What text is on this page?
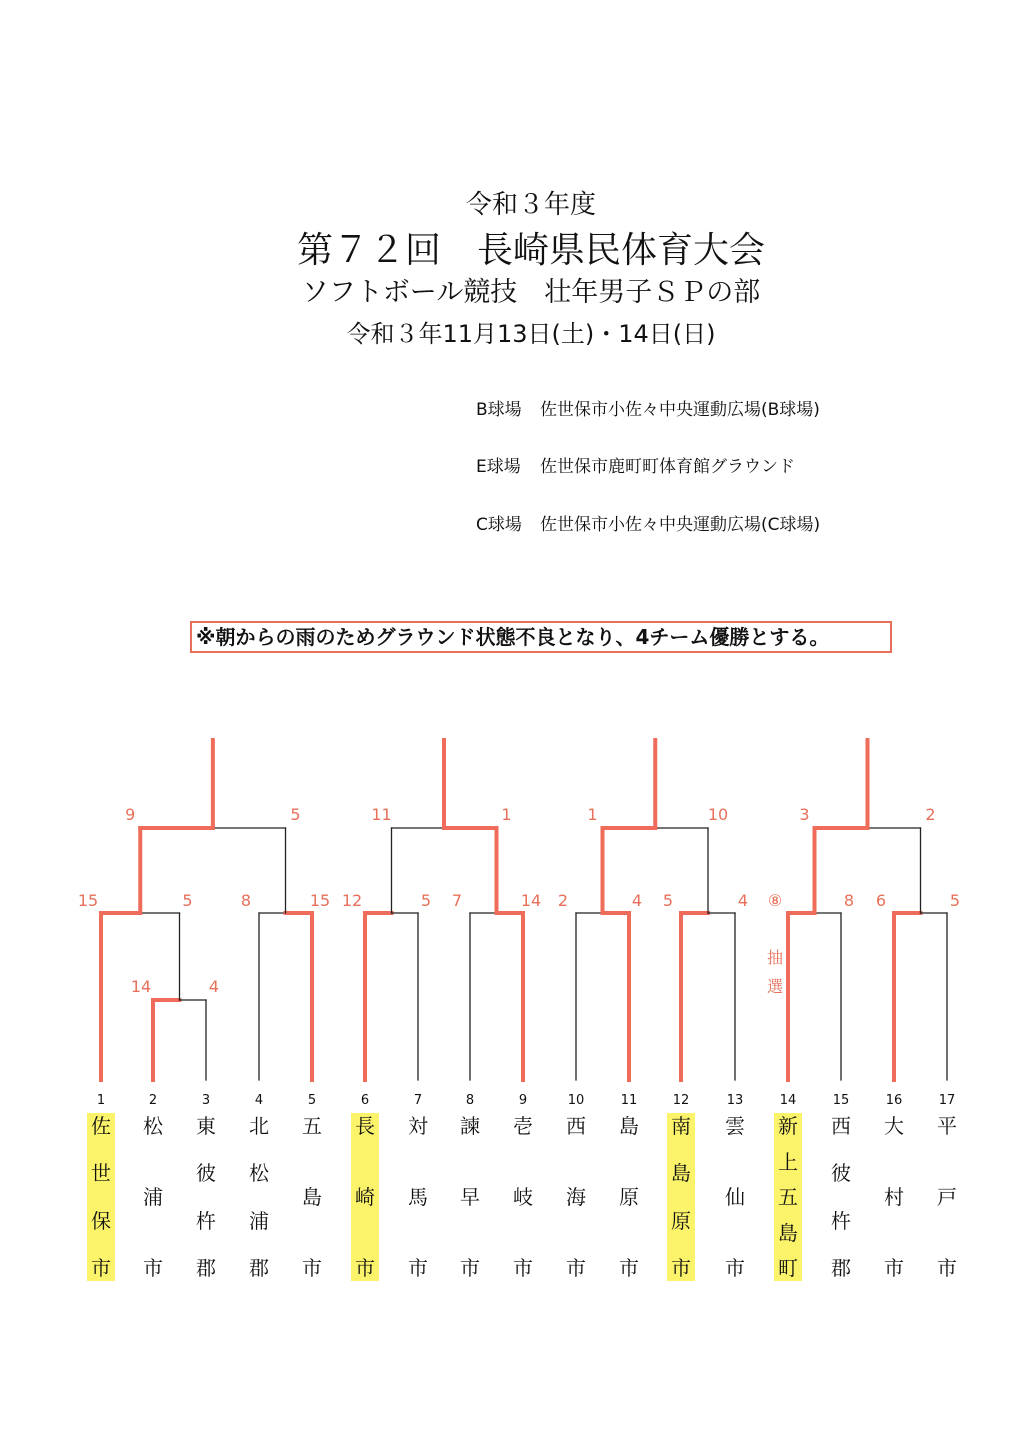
令和３年度
第７２回　長崎県民体育大会
ソフトボール競技　壮年男子ＳＰの部
令和３年11月13日(土)・14日(日)
B球場 佐世保市小佐々中央運動広場(B球場)
E球場 佐世保市鹿町町体育館グラウンド
C球場 佐世保市小佐々中央運動広場(C球場)
※朝からの雨のためグラウンド状態不良となり、4チーム優勝とする。
14	4
15	5	8	15 12	5 7	14 2	4 5	4 ⑧	8 6	5
抽
選
9	5	11	1	1	10	3	2
1
佐
世
保
市
2
松
浦
市
3
東
彼
杵
郡
4
北
松
浦
郡
5
五
島
市
6
長
崎
市
7
対
馬
市
8
諫
早
市
9
壱
岐
市
10
西
海
市
11
島
原
市
12
南
島
原
市
13
雲
仙
市
14
新
上
五
島
町
15
西
彼
杵
郡
16
大
村
市
17
平
戸
市
